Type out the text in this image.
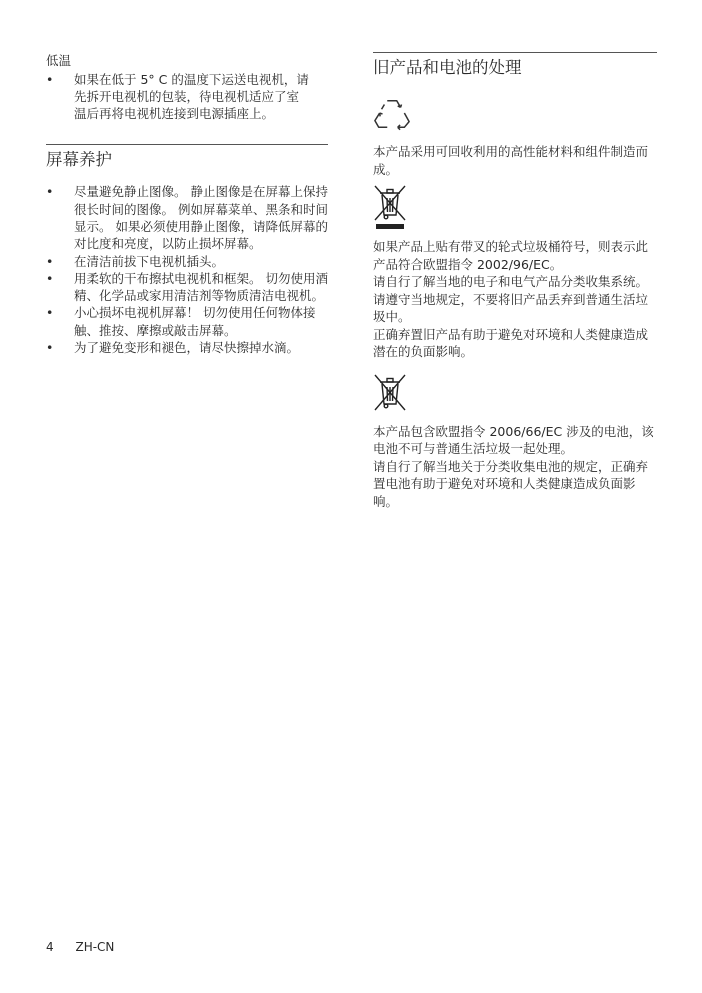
低温

• 如果在低于 5° C 的温度下运送电视机，请先拆开电视机的包装，待电视机适应了室温后再将电视机连接到电源插座上。

屏幕养护

• 尽量避免静止图像。 静止图像是在屏幕上保持很长时间的图像。 例如屏幕菜单、黑条和时间显示。 如果必须使用静止图像，请降低屏幕的对比度和亮度，以防止损坏屏幕。
• 在清洁前拔下电视机插头。
• 用柔软的干布擦拭电视机和框架。 切勿使用酒精、化学品或家用清洁剂等物质清洁电视机。
• 小心损坏电视机屏幕！ 切勿使用任何物体接触、推按、摩擦或敲击屏幕。
• 为了避免变形和褪色，请尽快擦掉水滴。

旧产品和电池的处理

本产品采用可回收利用的高性能材料和组件制造而成。

如果产品上贴有带叉的轮式垃圾桶符号，则表示此产品符合欧盟指令 2002/96/EC。

请自行了解当地的电子和电气产品分类收集系统。

请遵守当地规定，不要将旧产品丢弃到普通生活垃圾中。

正确弃置旧产品有助于避免对环境和人类健康造成潜在的负面影响。

本产品包含欧盟指令 2006/66/EC 涉及的电池，该电池不可与普通生活垃圾一起处理。

请自行了解当地关于分类收集电池的规定，正确弃置电池有助于避免对环境和人类健康造成负面影响。

4 ZH-CN
